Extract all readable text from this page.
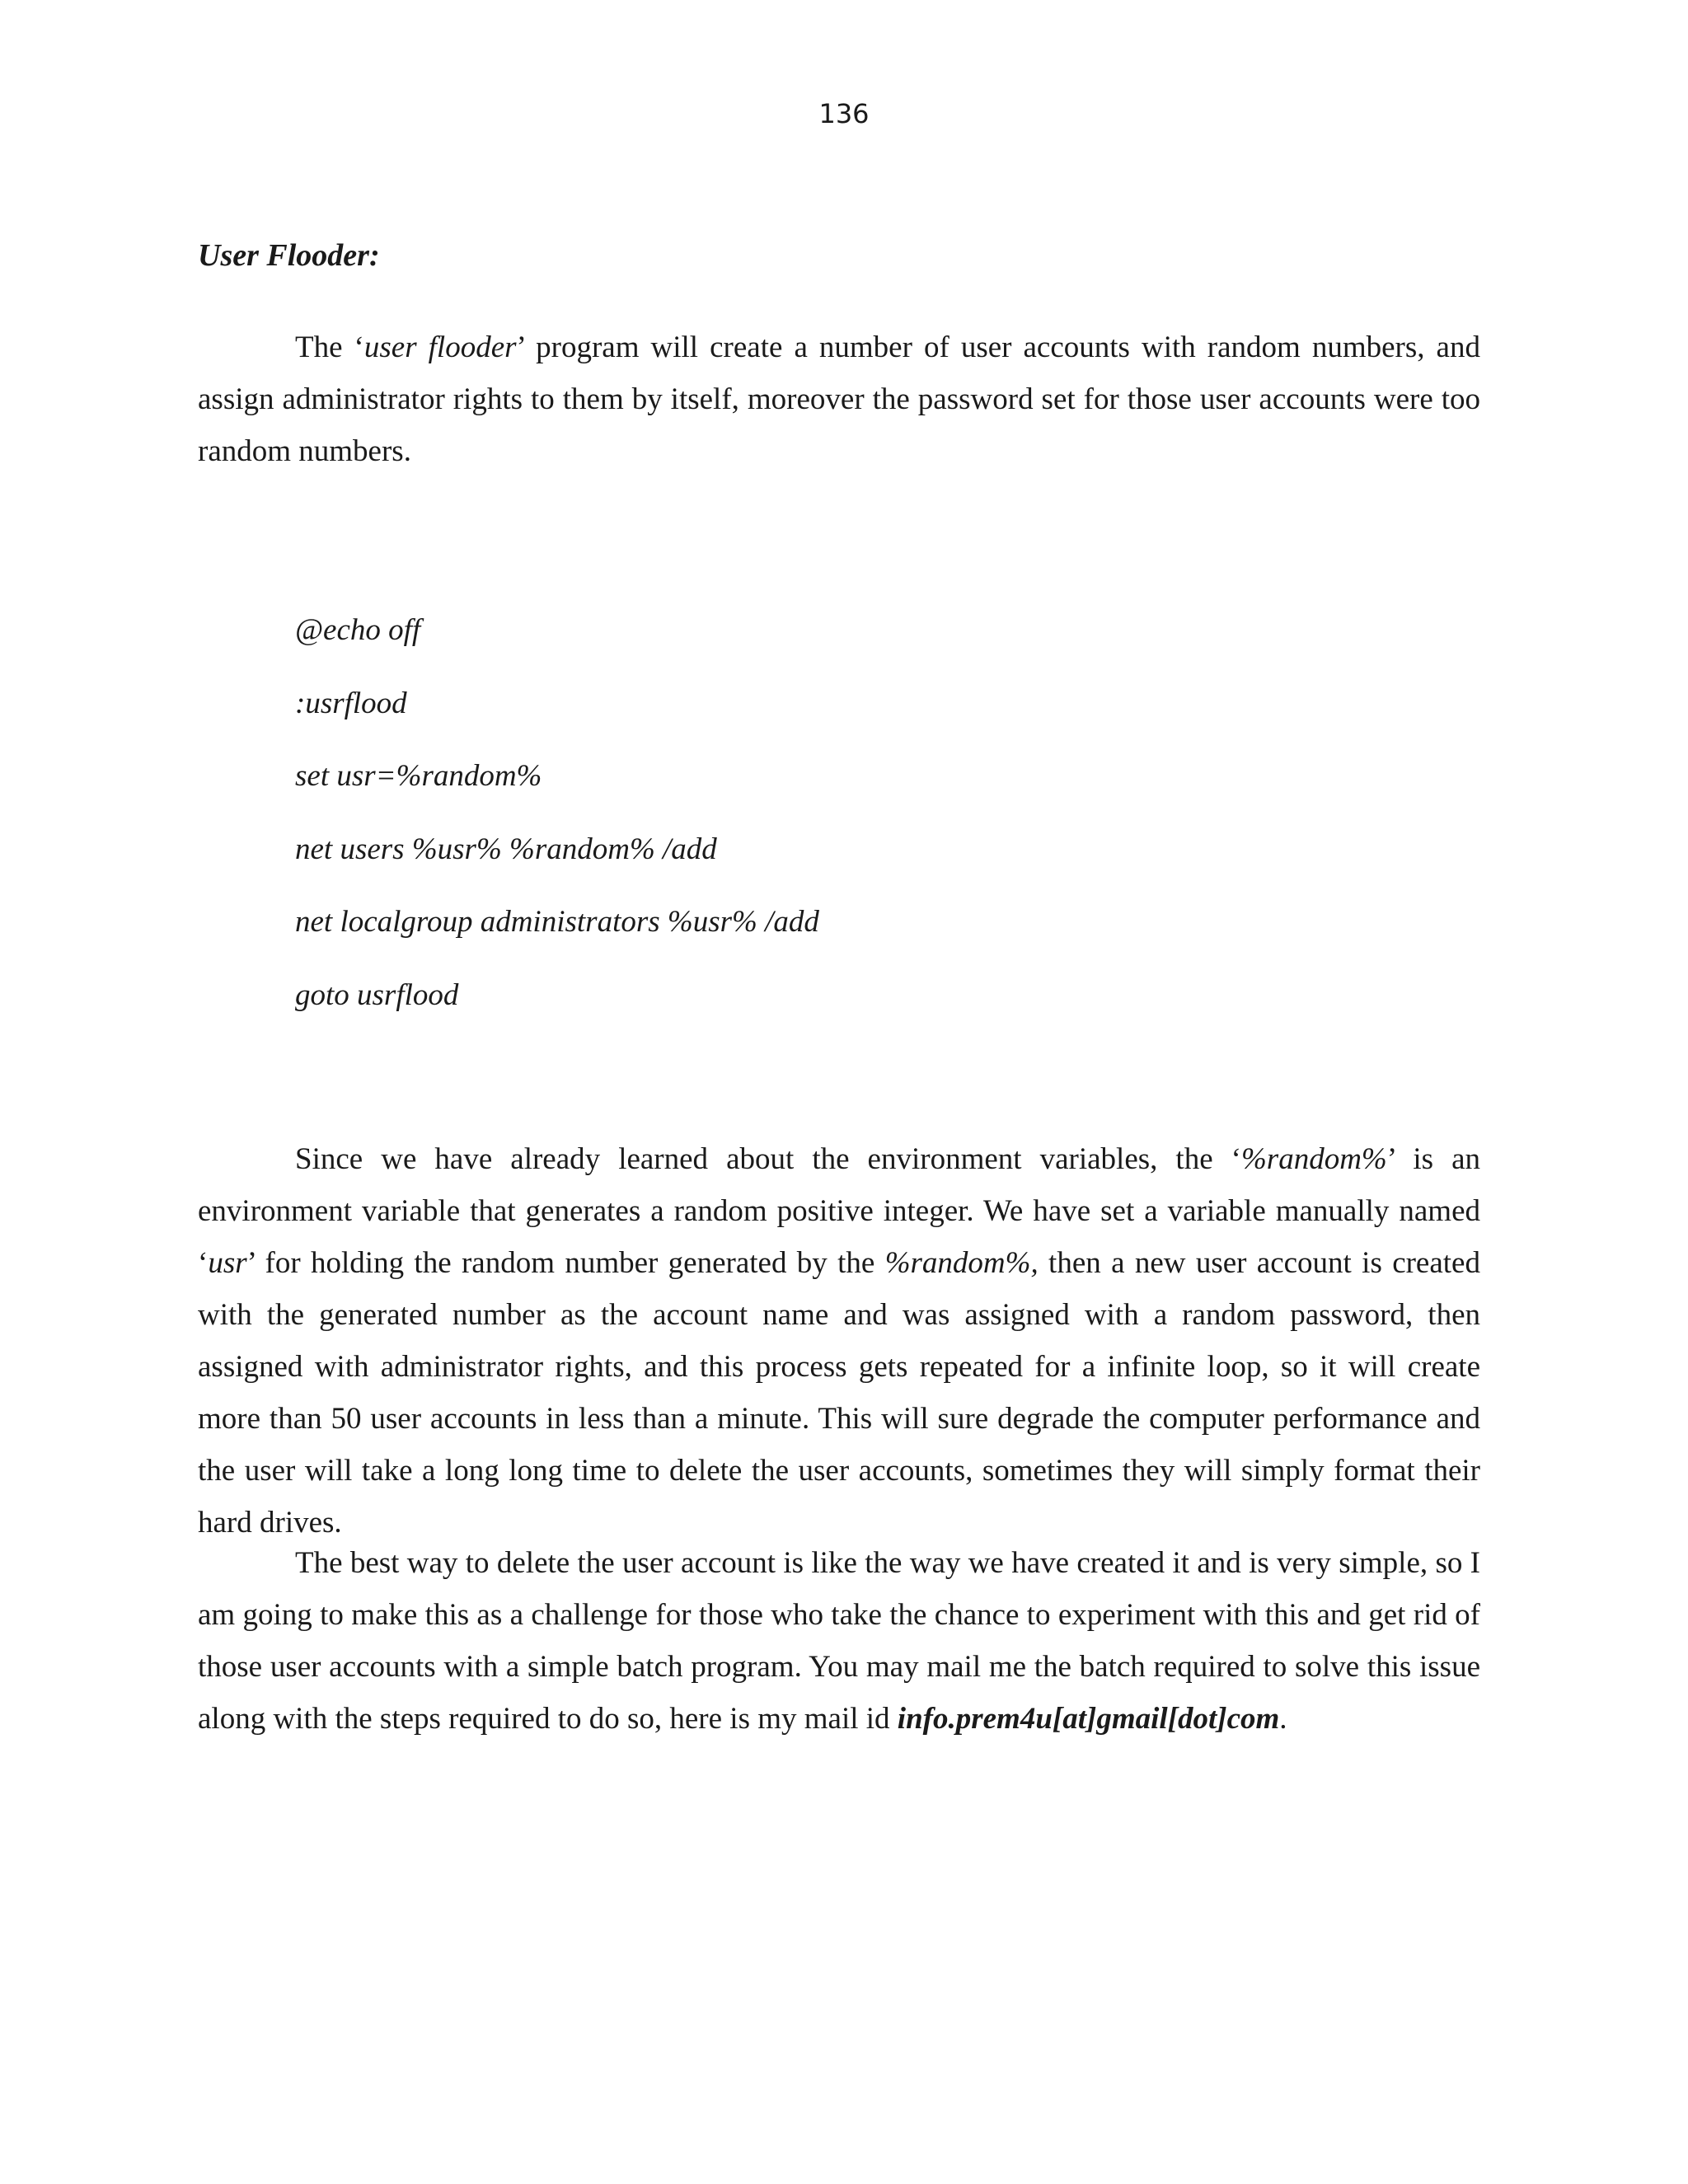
136
User Flooder:

The ‘user flooder’ program will create a number of user accounts with random numbers, and assign administrator rights to them by itself, moreover the password set for those user accounts were too random numbers.

@echo off
:usrflood
set usr=%random%
net users %usr% %random% /add
net localgroup administrators %usr% /add
goto usrflood

Since we have already learned about the environment variables, the ‘%random%’ is an environment variable that generates a random positive integer. We have set a variable manually named ‘usr’ for holding the random number generated by the %random%, then a new user account is created with the generated number as the account name and was assigned with a random password, then assigned with administrator rights, and this process gets repeated for a infinite loop, so it will create more than 50 user accounts in less than a minute. This will sure degrade the computer performance and the user will take a long long time to delete the user accounts, sometimes they will simply format their hard drives.

The best way to delete the user account is like the way we have created it and is very simple, so I am going to make this as a challenge for those who take the chance to experiment with this and get rid of those user accounts with a simple batch program. You may mail me the batch required to solve this issue along with the steps required to do so, here is my mail id info.prem4u[at]gmail[dot]com.
